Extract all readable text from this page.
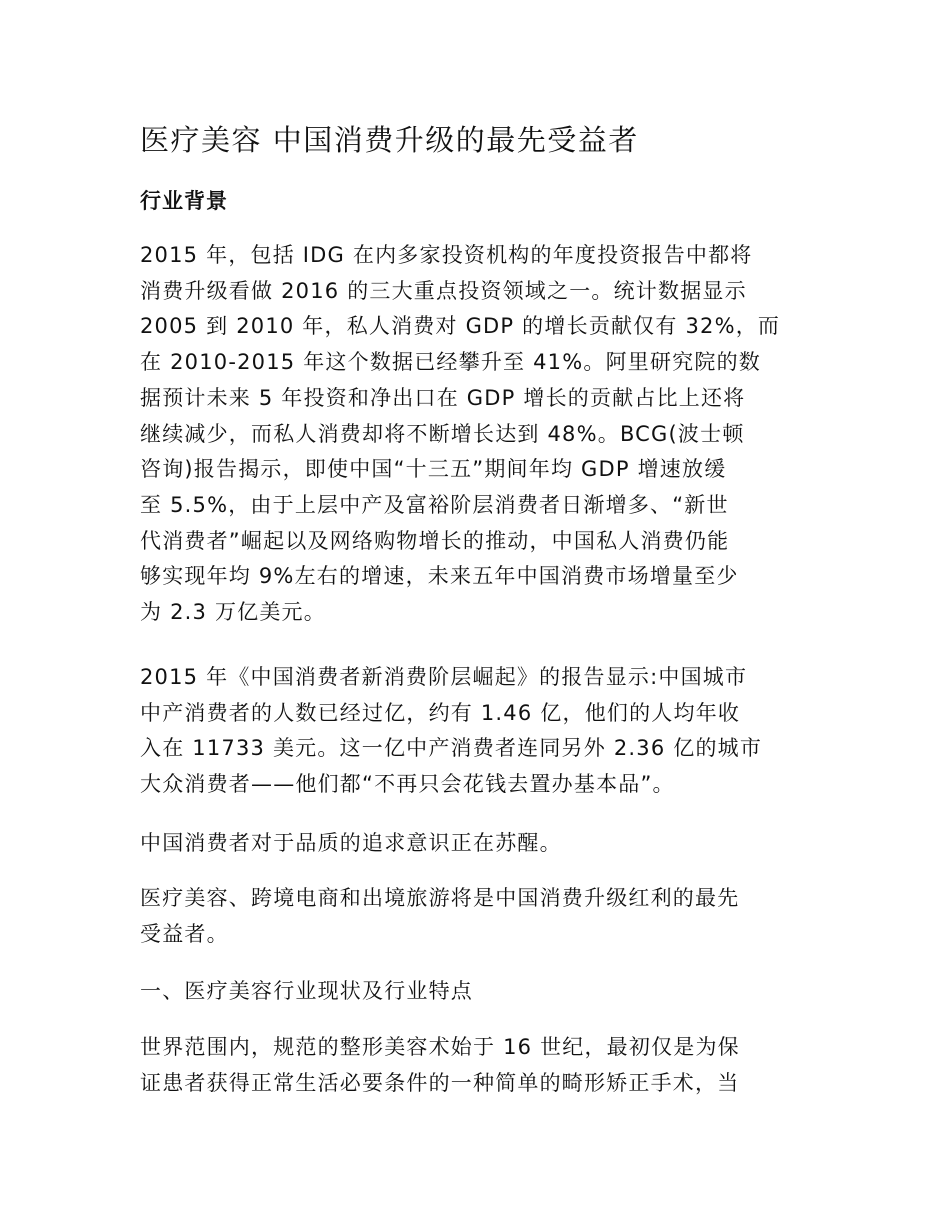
医疗美容 中国消费升级的最先受益者
行业背景

2015 年，包括 IDG 在内多家投资机构的年度投资报告中都将
消费升级看做 2016 的三大重点投资领域之一。统计数据显示
2005 到 2010 年，私人消费对 GDP 的增长贡献仅有 32%，而
在 2010-2015 年这个数据已经攀升至 41%。阿里研究院的数
据预计未来 5 年投资和净出口在 GDP 增长的贡献占比上还将
继续减少，而私人消费却将不断增长达到 48%。BCG(波士顿
咨询)报告揭示，即使中国“十三五”期间年均 GDP 增速放缓
至 5.5%，由于上层中产及富裕阶层消费者日渐增多、“新世
代消费者”崛起以及网络购物增长的推动，中国私人消费仍能
够实现年均 9%左右的增速，未来五年中国消费市场增量至少
为 2.3 万亿美元。

2015 年《中国消费者新消费阶层崛起》的报告显示:中国城市
中产消费者的人数已经过亿，约有 1.46 亿，他们的人均年收
入在 11733 美元。这一亿中产消费者连同另外 2.36 亿的城市
大众消费者——他们都“不再只会花钱去置办基本品”。

中国消费者对于品质的追求意识正在苏醒。

医疗美容、跨境电商和出境旅游将是中国消费升级红利的最先
受益者。

一、医疗美容行业现状及行业特点

世界范围内，规范的整形美容术始于 16 世纪，最初仅是为保
证患者获得正常生活必要条件的一种简单的畸形矫正手术，当
